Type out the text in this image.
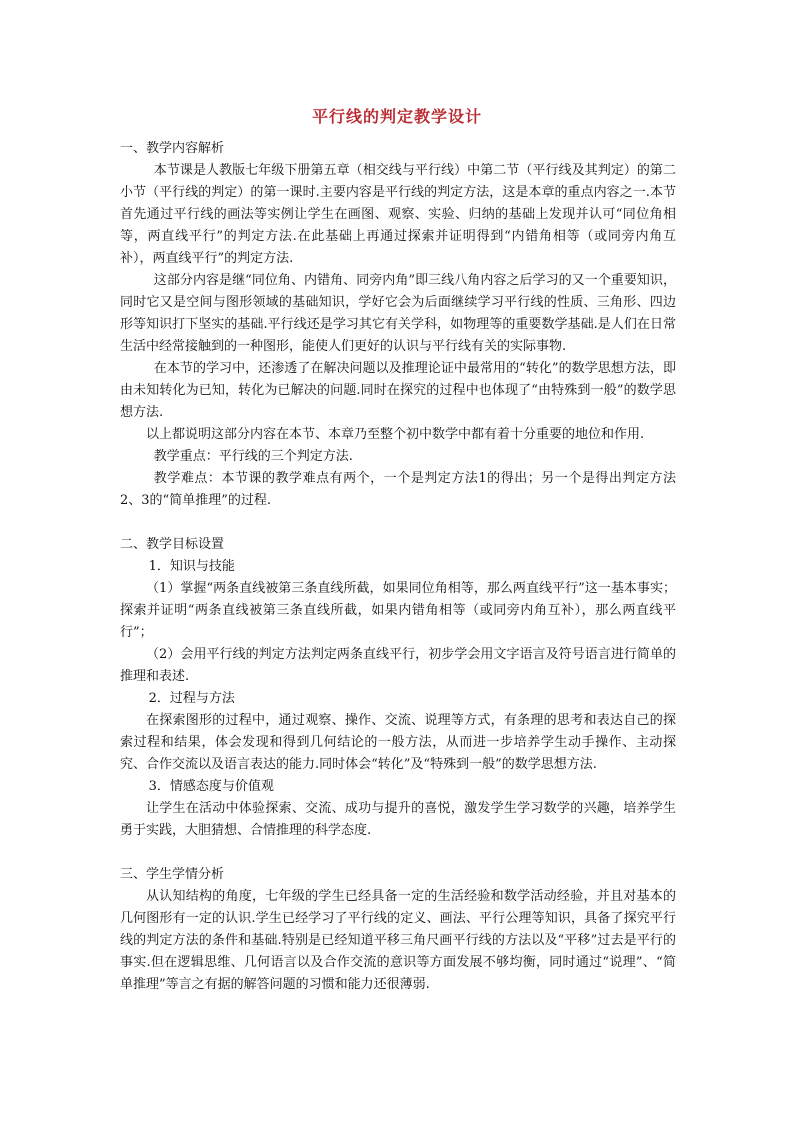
平行线的判定教学设计

一、教学内容解析

本节课是人教版七年级下册第五章（相交线与平行线）中第二节（平行线及其判定）的第二小节（平行线的判定）的第一课时.主要内容是平行线的判定方法，这是本章的重点内容之一.本节首先通过平行线的画法等实例让学生在画图、观察、实验、归纳的基础上发现并认可“同位角相等，两直线平行”的判定方法.在此基础上再通过探索并证明得到“内错角相等（或同旁内角互补），两直线平行”的判定方法.

这部分内容是继“同位角、内错角、同旁内角”即三线八角内容之后学习的又一个重要知识，同时它又是空间与图形领域的基础知识，学好它会为后面继续学习平行线的性质、三角形、四边形等知识打下坚实的基础.平行线还是学习其它有关学科，如物理等的重要数学基础.是人们在日常生活中经常接触到的一种图形，能使人们更好的认识与平行线有关的实际事物.

在本节的学习中，还渗透了在解决问题以及推理论证中最常用的“转化”的数学思想方法，即由未知转化为已知，转化为已解决的问题.同时在探究的过程中也体现了“由特殊到一般”的数学思想方法.

以上都说明这部分内容在本节、本章乃至整个初中数学中都有着十分重要的地位和作用.

教学重点：平行线的三个判定方法.

教学难点：本节课的教学难点有两个，一个是判定方法1的得出；另一个是得出判定方法2、3的“简单推理”的过程.

二、教学目标设置

1．知识与技能

（1）掌握“两条直线被第三条直线所截，如果同位角相等，那么两直线平行”这一基本事实；探索并证明“两条直线被第三条直线所截，如果内错角相等（或同旁内角互补），那么两直线平行”；

（2）会用平行线的判定方法判定两条直线平行，初步学会用文字语言及符号语言进行简单的推理和表述.

2．过程与方法

在探索图形的过程中，通过观察、操作、交流、说理等方式，有条理的思考和表达自己的探索过程和结果，体会发现和得到几何结论的一般方法，从而进一步培养学生动手操作、主动探究、合作交流以及语言表达的能力.同时体会“转化”及“特殊到一般”的数学思想方法.

3．情感态度与价值观

让学生在活动中体验探索、交流、成功与提升的喜悦，激发学生学习数学的兴趣，培养学生勇于实践，大胆猜想、合情推理的科学态度.

三、学生学情分析

从认知结构的角度，七年级的学生已经具备一定的生活经验和数学活动经验，并且对基本的几何图形有一定的认识.学生已经学习了平行线的定义、画法、平行公理等知识，具备了探究平行线的判定方法的条件和基础.特别是已经知道平移三角尺画平行线的方法以及“平移”过去是平行的事实.但在逻辑思维、几何语言以及合作交流的意识等方面发展不够均衡，同时通过“说理”、“简单推理”等言之有据的解答问题的习惯和能力还很薄弱.
